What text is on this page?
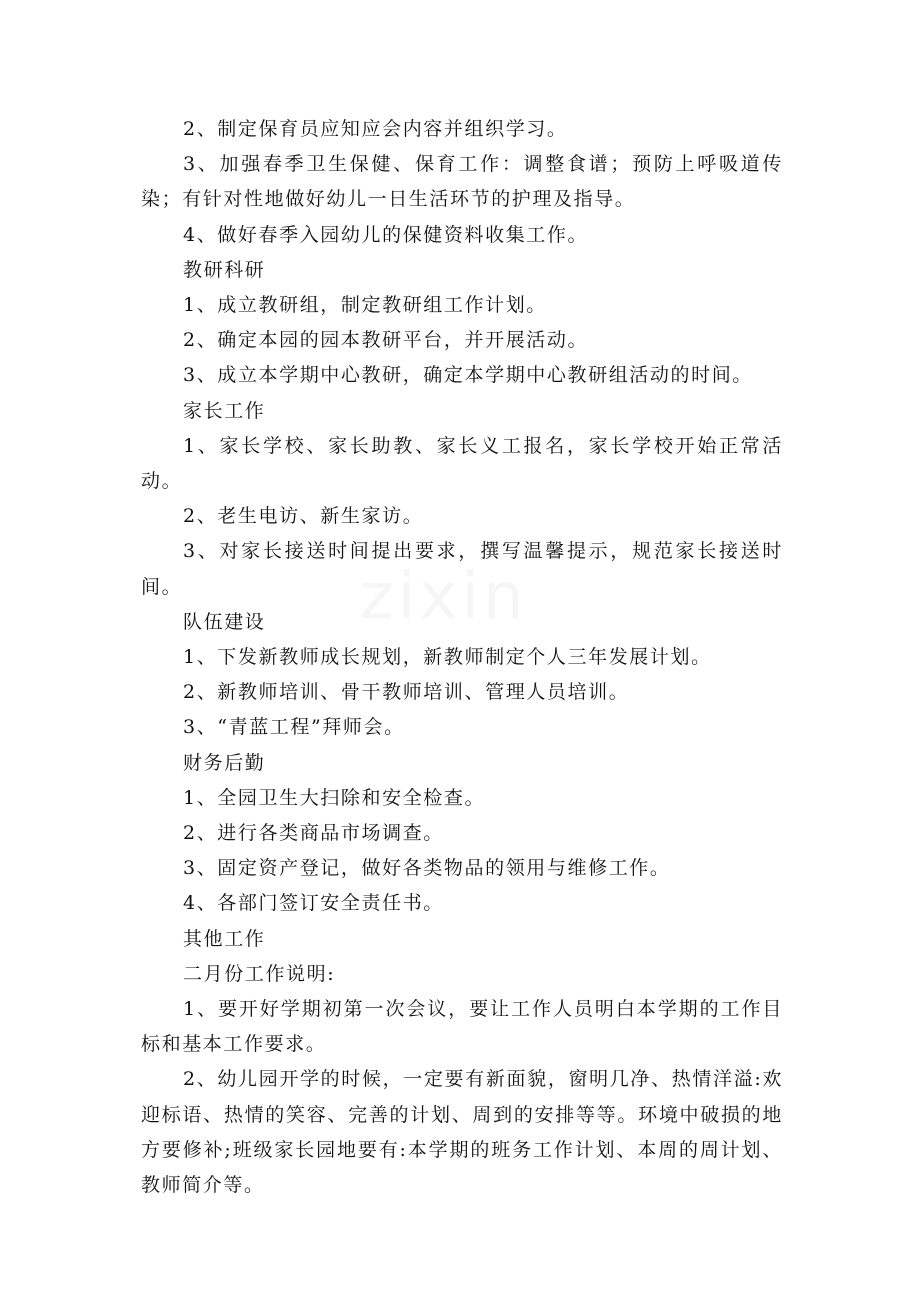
zixin

2、制定保育员应知应会内容并组织学习。

3、加强春季卫生保健、保育工作：调整食谱；预防上呼吸道传染；有针对性地做好幼儿一日生活环节的护理及指导。

4、做好春季入园幼儿的保健资料收集工作。

教研科研

1、成立教研组，制定教研组工作计划。

2、确定本园的园本教研平台，并开展活动。

3、成立本学期中心教研，确定本学期中心教研组活动的时间。

家长工作

1、家长学校、家长助教、家长义工报名，家长学校开始正常活动。

2、老生电访、新生家访。

3、对家长接送时间提出要求，撰写温馨提示，规范家长接送时间。

队伍建设

1、下发新教师成长规划，新教师制定个人三年发展计划。

2、新教师培训、骨干教师培训、管理人员培训。

3、“青蓝工程”拜师会。

财务后勤

1、全园卫生大扫除和安全检查。

2、进行各类商品市场调查。

3、固定资产登记，做好各类物品的领用与维修工作。

4、各部门签订安全责任书。

其他工作

二月份工作说明:

1、要开好学期初第一次会议，要让工作人员明白本学期的工作目标和基本工作要求。

2、幼儿园开学的时候，一定要有新面貌，窗明几净、热情洋溢:欢迎标语、热情的笑容、完善的计划、周到的安排等等。环境中破损的地方要修补;班级家长园地要有:本学期的班务工作计划、本周的周计划、教师简介等。
